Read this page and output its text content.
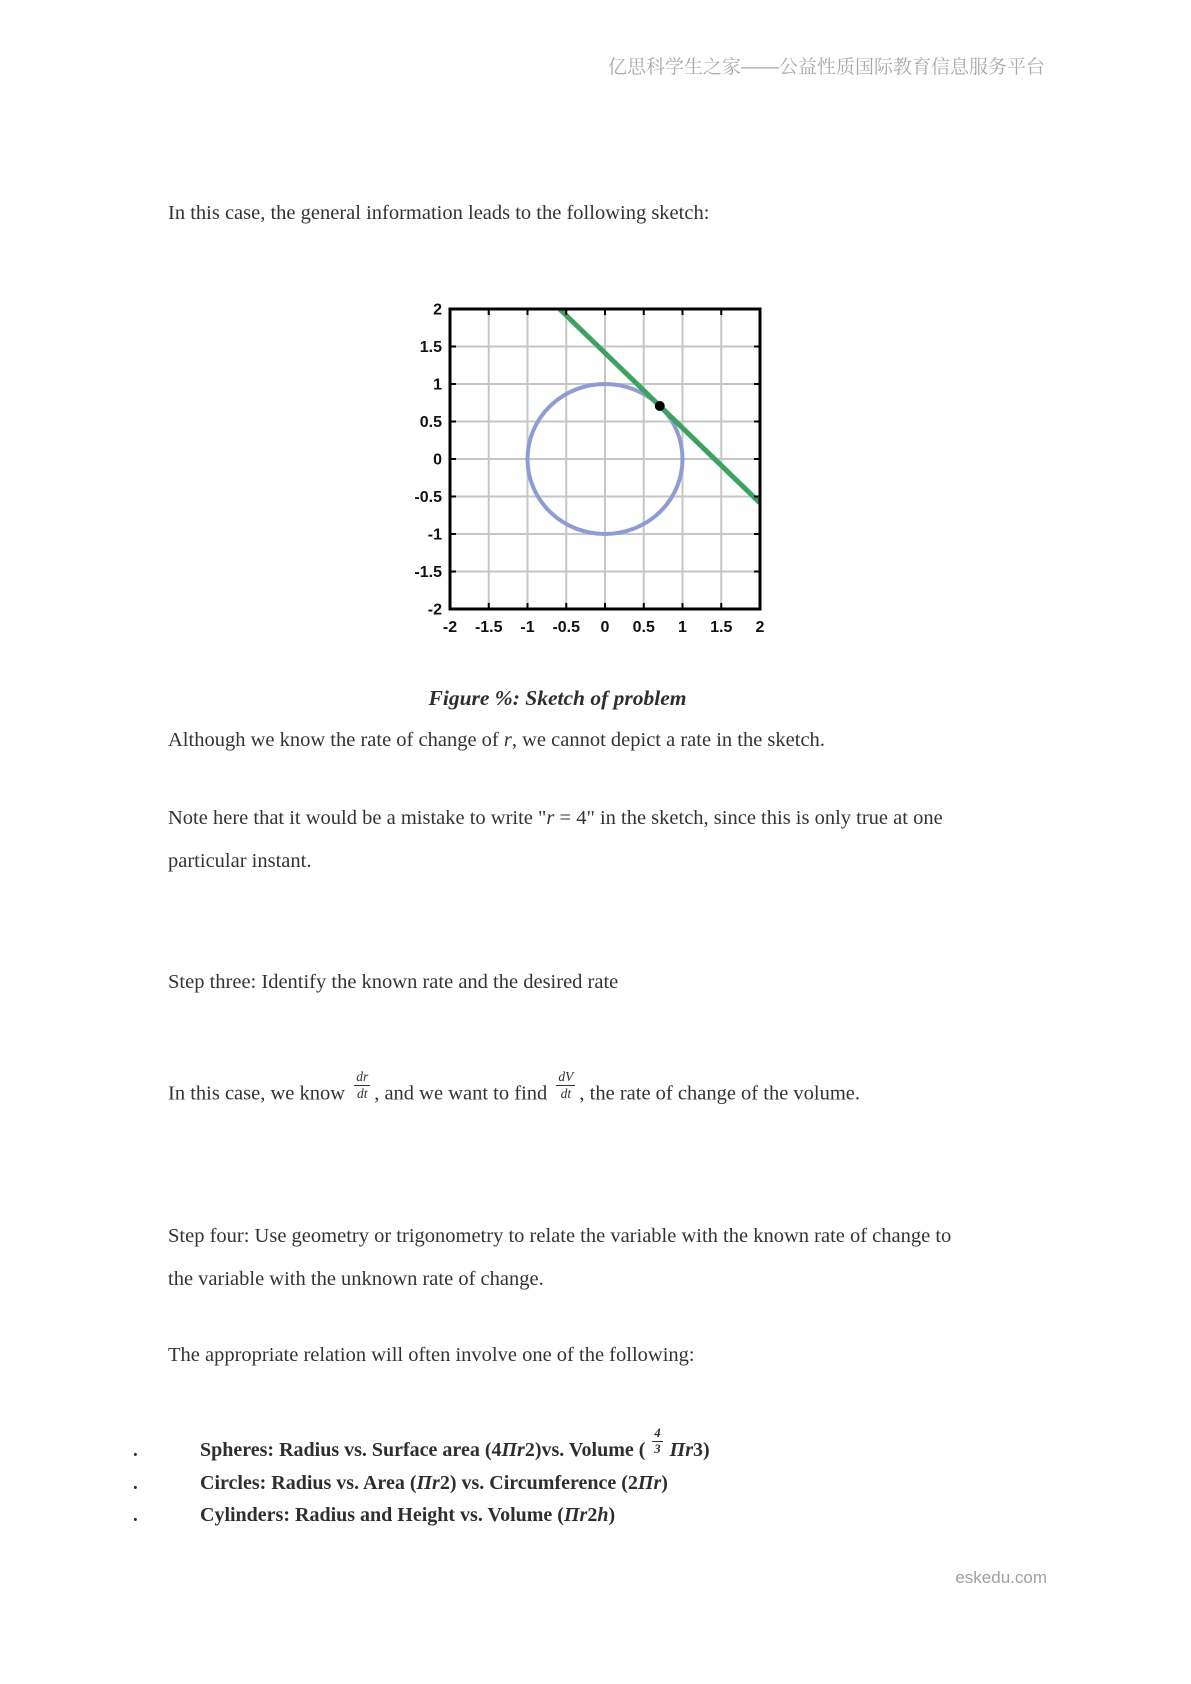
亿思科学生之家——公益性质国际教育信息服务平台

In this case, the general information leads to the following sketch:

-2 -1.5 -1 -0.5 0 0.5 1 1.5 2
2
1.5
1
0.5
0
-0.5
-1
-1.5
-2
Figure %: Sketch of problem

Although we know the rate of change of r, we cannot depict a rate in the sketch.

Note here that it would be a mistake to write "r = 4" in the sketch, since this is only true at one particular instant.

Step three: Identify the known rate and the desired rate

In this case, we know $\frac{dr}{dt}$ , and we want to find $\frac{dV}{dt}$ , the rate of change of the volume.

Step four: Use geometry or trigonometry to relate the variable with the known rate of change to the variable with the unknown rate of change.

The appropriate relation will often involve one of the following:

.	Spheres: Radius vs. Surface area (4Πr2)vs. Volume ( $\frac{4}{3} \Pi r3$)
.	Circles: Radius vs. Area (Πr2) vs. Circumference (2Πr)
.	Cylinders: Radius and Height vs. Volume (Πr2h)
eskedu.com
